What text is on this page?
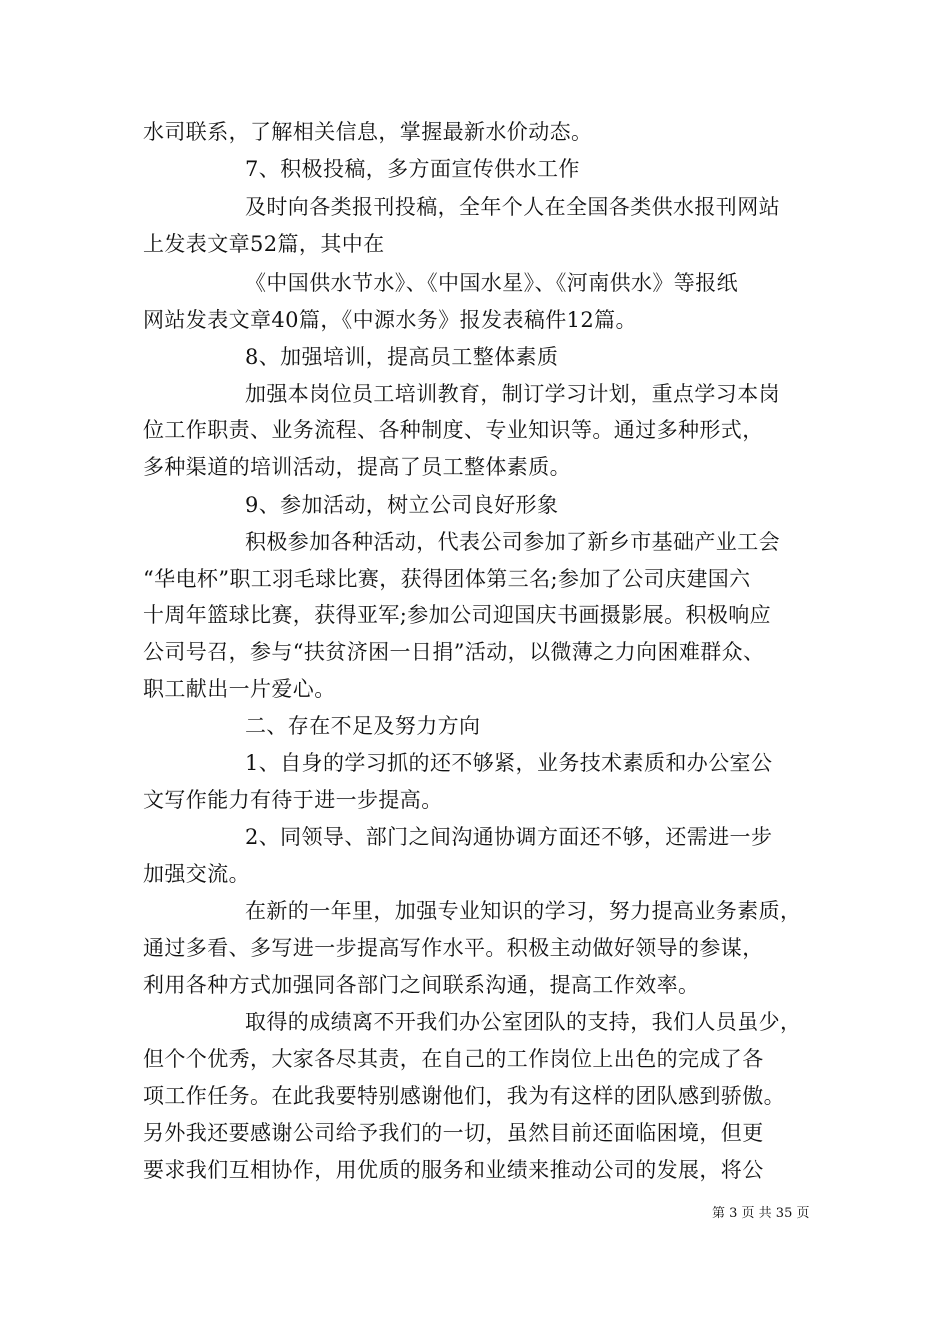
水司联系，了解相关信息，掌握最新水价动态。
7、积极投稿，多方面宣传供水工作
及时向各类报刊投稿，全年个人在全国各类供水报刊网站
上发表文章52篇，其中在
《中国供水节水》、《中国水星》、《河南供水》等报纸
网站发表文章40篇，《中源水务》报发表稿件12篇。
8、加强培训，提高员工整体素质
加强本岗位员工培训教育，制订学习计划，重点学习本岗
位工作职责、业务流程、各种制度、专业知识等。通过多种形式，
多种渠道的培训活动，提高了员工整体素质。
9、参加活动，树立公司良好形象
积极参加各种活动，代表公司参加了新乡市基础产业工会
“华电杯”职工羽毛球比赛，获得团体第三名;参加了公司庆建国六
十周年篮球比赛，获得亚军;参加公司迎国庆书画摄影展。积极响应
公司号召，参与“扶贫济困一日捐”活动，以微薄之力向困难群众、
职工献出一片爱心。
二、存在不足及努力方向
1、自身的学习抓的还不够紧，业务技术素质和办公室公
文写作能力有待于进一步提高。
2、同领导、部门之间沟通协调方面还不够，还需进一步
加强交流。
在新的一年里，加强专业知识的学习，努力提高业务素质，
通过多看、多写进一步提高写作水平。积极主动做好领导的参谋，
利用各种方式加强同各部门之间联系沟通，提高工作效率。
取得的成绩离不开我们办公室团队的支持，我们人员虽少，
但个个优秀，大家各尽其责，在自己的工作岗位上出色的完成了各
项工作任务。在此我要特别感谢他们，我为有这样的团队感到骄傲。
另外我还要感谢公司给予我们的一切，虽然目前还面临困境，但更
要求我们互相协作，用优质的服务和业绩来推动公司的发展，将公
第 3 页 共 35 页
